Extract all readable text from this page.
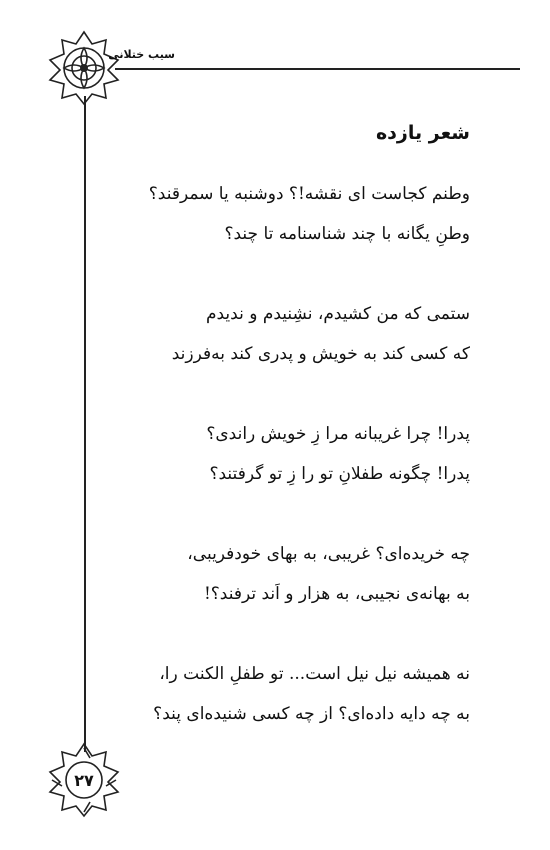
سیب ختلانی
شعر یازده
وطنم کجاست ای نقشه!؟ دوشنبه یا سمرقند؟
وطنِ یگانه با چند شناسنامه تا چند؟
ستمی که من کشیدم، نشِنیدم و ندیدم
که کسی کند به خویش و پدری کند به‌فرزند
پدرا! چرا غریبانه مرا زِ خویش راندی؟
پدرا! چگونه طفلانِ تو را زِ تو گرفتند؟
چه خریده‌ای؟ غریبی، به بهای خودفریبی،
به بهانه‌ی نجیبی، به هزار و اَند ترفند؟!
نه همیشه نیل نیل است... تو طفلِ الکنت را،
به چه دایه داده‌ای؟ از چه کسی شنیده‌ای پند؟
۲۷
